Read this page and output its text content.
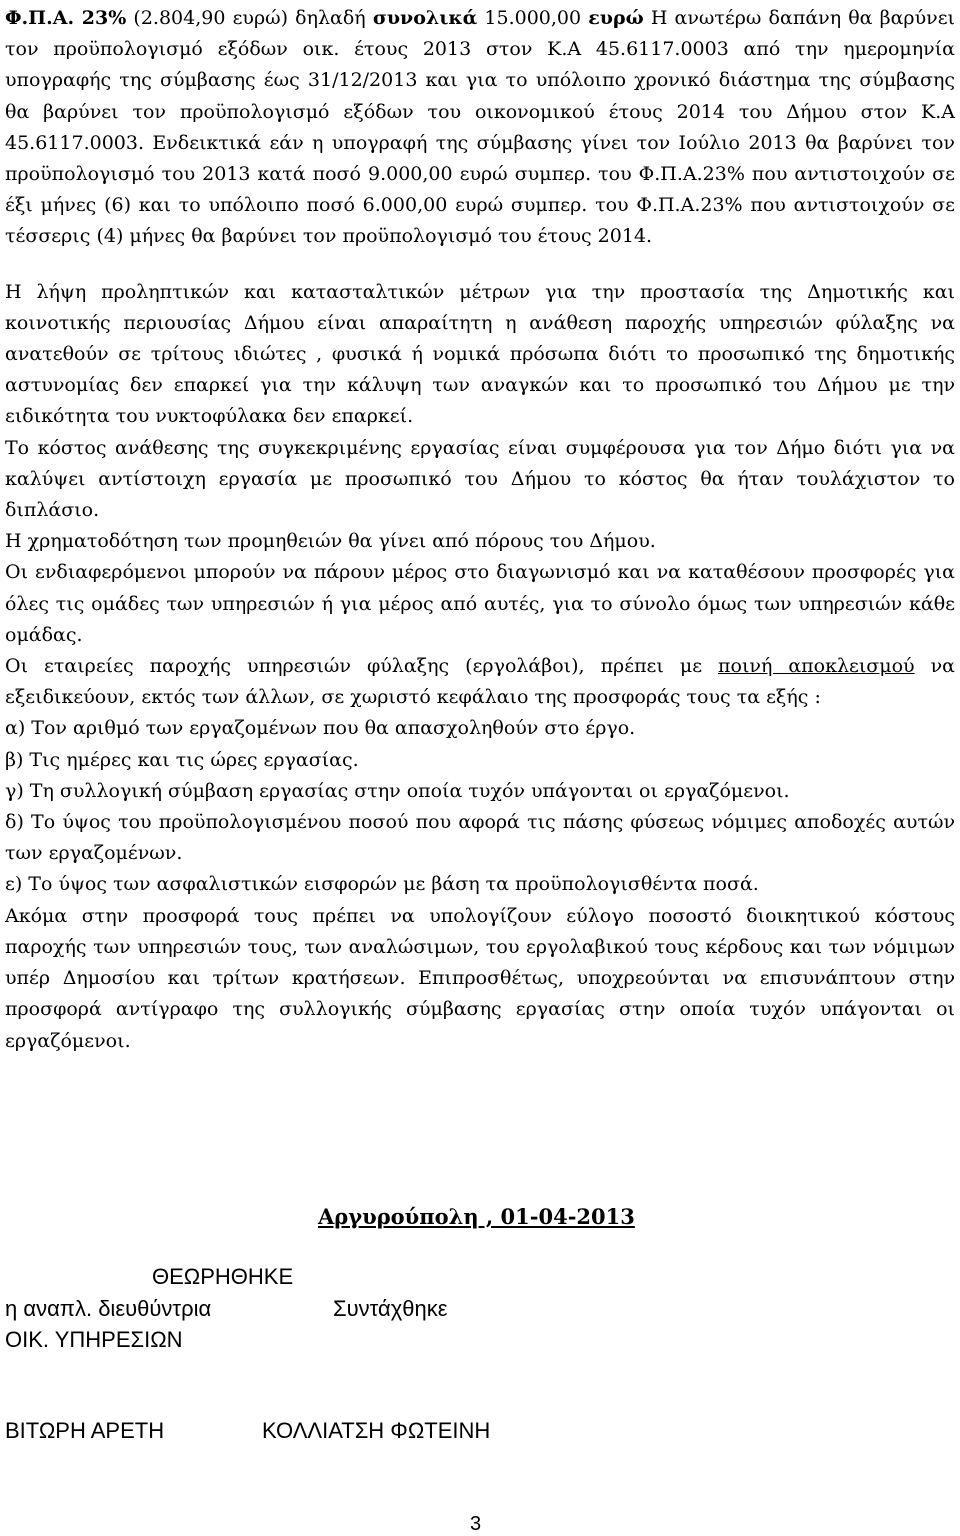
Φ.Π.Α. 23% (2.804,90 ευρώ) δηλαδή συνολικά 15.000,00 ευρώ Η ανωτέρω δαπάνη θα βαρύνει τον προϋπολογισμό εξόδων οικ. έτους 2013 στον Κ.Α 45.6117.0003 από την ημερομηνία υπογραφής της σύμβασης έως 31/12/2013 και για το υπόλοιπο χρονικό διάστημα της σύμβασης θα βαρύνει τον προϋπολογισμό εξόδων του οικονομικού έτους 2014 του Δήμου στον Κ.Α 45.6117.0003. Ενδεικτικά εάν η υπογραφή της σύμβασης γίνει τον Ιούλιο 2013 θα βαρύνει τον προϋπολογισμό του 2013 κατά ποσό 9.000,00 ευρώ συμπερ. του Φ.Π.Α.23% που αντιστοιχούν σε έξι μήνες (6) και το υπόλοιπο ποσό 6.000,00 ευρώ συμπερ. του Φ.Π.Α.23% που αντιστοιχούν σε τέσσερις (4) μήνες θα βαρύνει τον προϋπολογισμό του έτους 2014.

Η λήψη προληπτικών και κατασταλτικών μέτρων για την προστασία της Δημοτικής και κοινοτικής περιουσίας Δήμου είναι απαραίτητη η ανάθεση παροχής υπηρεσιών φύλαξης να ανατεθούν σε τρίτους ιδιώτες , φυσικά ή νομικά πρόσωπα διότι το προσωπικό της δημοτικής αστυνομίας δεν επαρκεί για την κάλυψη των αναγκών και το προσωπικό του Δήμου με την ειδικότητα του νυκτοφύλακα δεν επαρκεί.

Το κόστος ανάθεσης της συγκεκριμένης εργασίας είναι συμφέρουσα για τον Δήμο διότι για να καλύψει αντίστοιχη εργασία με προσωπικό του Δήμου το κόστος θα ήταν τουλάχιστον το διπλάσιο.

Η χρηματοδότηση των προμηθειών θα γίνει από πόρους του Δήμου.

Οι ενδιαφερόμενοι μπορούν να πάρουν μέρος στο διαγωνισμό και να καταθέσουν προσφορές για όλες τις ομάδες των υπηρεσιών ή για μέρος από αυτές, για το σύνολο όμως των υπηρεσιών κάθε ομάδας.

Οι εταιρείες παροχής υπηρεσιών φύλαξης (εργολάβοι), πρέπει με ποινή αποκλεισμού να εξειδικεύουν, εκτός των άλλων, σε χωριστό κεφάλαιο της προσφοράς τους τα εξής :

α) Τον αριθμό των εργαζομένων που θα απασχοληθούν στο έργο.

β) Τις ημέρες και τις ώρες εργασίας.

γ) Τη συλλογική σύμβαση εργασίας στην οποία τυχόν υπάγονται οι εργαζόμενοι.

δ) Το ύψος του προϋπολογισμένου ποσού που αφορά τις πάσης φύσεως νόμιμες αποδοχές αυτών των εργαζομένων.

ε) Το ύψος των ασφαλιστικών εισφορών με βάση τα προϋπολογισθέντα ποσά.

Ακόμα στην προσφορά τους πρέπει να υπολογίζουν εύλογο ποσοστό διοικητικού κόστους παροχής των υπηρεσιών τους, των αναλώσιμων, του εργολαβικού τους κέρδους και των νόμιμων υπέρ Δημοσίου και τρίτων κρατήσεων. Επιπροσθέτως, υποχρεούνται να επισυνάπτουν στην προσφορά αντίγραφο της συλλογικής σύμβασης εργασίας στην οποία τυχόν υπάγονται οι εργαζόμενοι.

Αργυρούπολη , 01-04-2013
ΘΕΩΡΗΘΗΚΕ
η αναπλ. διευθύντρια	Συντάχθηκε
ΟΙΚ. ΥΠΗΡΕΣΙΩΝ
ΒΙΤΩΡΗ ΑΡΕΤΗ	ΚΟΛΛΙΑΤΣΗ ΦΩΤΕΙΝΗ
3
